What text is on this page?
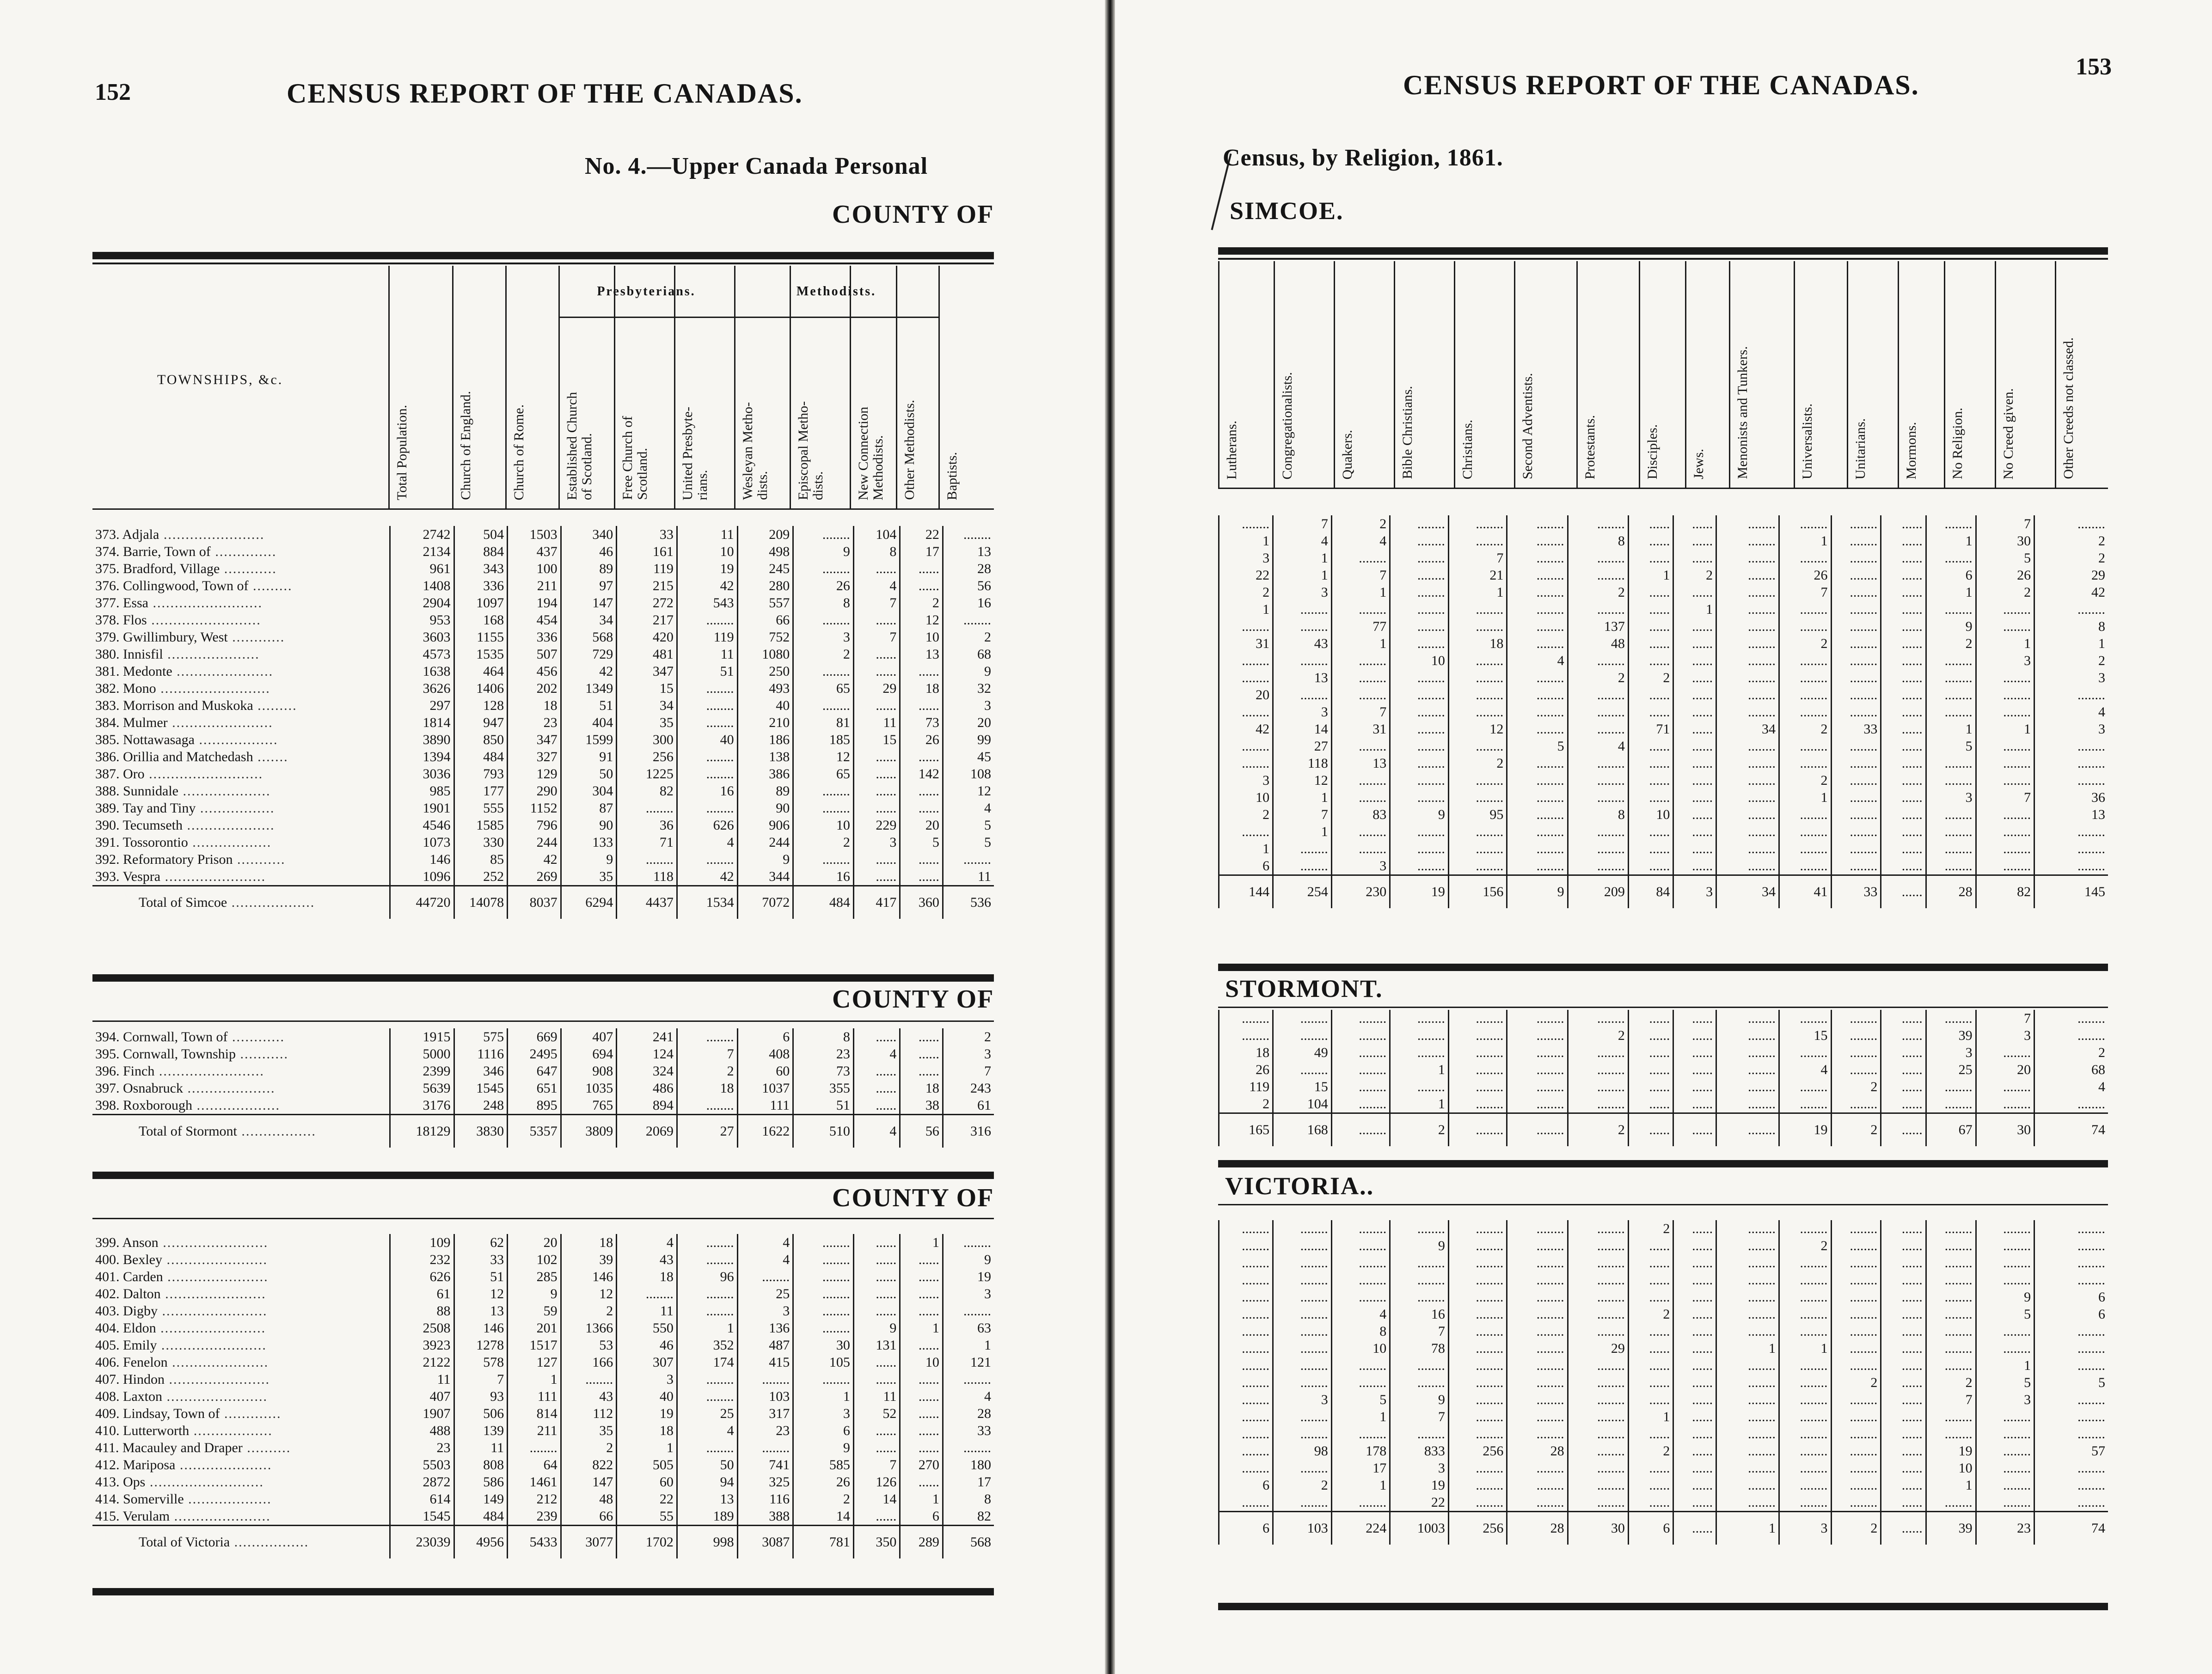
152	CENSUS REPORT OF THE CANADAS.
No. 4.—Upper Canada Personal
COUNTY OF
TOWNSHIPS, &c.
Total Population.	Church of England.	Church of Rome.	Established Church
of Scotland.
Free Church of
Scotland.	United Presbyte-
rians.	Wesleyan Metho-
dists.	Episcopal Metho-
dists.	New Connection
Methodists.	Other Methodists.	Baptists.
Presbyterians.	Methodists.
373. Adjala .......................	2742	504	1503	340	33	11	209	........	104	22	........
374. Barrie, Town of ..............	2134	884	437	46	161	10	498	9	8	17	13
375. Bradford, Village ............	961	343	100	89	119	19	245	........	......	......	28
376. Collingwood, Town of .........	1408	336	211	97	215	42	280	26	4	......	56
377. Essa .........................	2904	1097	194	147	272	543	557	8	7	2	16
378. Flos .........................	953	168	454	34	217	........	66	........	......	12	........
379. Gwillimbury, West ............	3603	1155	336	568	420	119	752	3	7	10	2
380. Innisfil .....................	4573	1535	507	729	481	11	1080	2	......	13	68
381. Medonte ......................	1638	464	456	42	347	51	250	........	......	......	9
382. Mono .........................	3626	1406	202	1349	15	........	493	65	29	18	32
383. Morrison and Muskoka .........	297	128	18	51	34	........	40	........	......	......	3
384. Mulmer .......................	1814	947	23	404	35	........	210	81	11	73	20
385. Nottawasaga ..................	3890	850	347	1599	300	40	186	185	15	26	99
386. Orillia and Matchedash .......	1394	484	327	91	256	........	138	12	......	......	45
387. Oro ..........................	3036	793	129	50	1225	........	386	65	......	142	108
388. Sunnidale ....................	985	177	290	304	82	16	89	........	......	......	12
389. Tay and Tiny .................	1901	555	1152	87	........	........	90	........	......	......	4
390. Tecumseth ....................	4546	1585	796	90	36	626	906	10	229	20	5
391. Tossorontio ..................	1073	330	244	133	71	4	244	2	3	5	5
392. Reformatory Prison ...........	146	85	42	9	........	........	9	........	......	......	........
393. Vespra .......................	1096	252	269	35	118	42	344	16	......	......	11
Total of Simcoe ...................	44720	14078	8037	6294	4437	1534	7072	484	417	360	536
COUNTY OF
394. Cornwall, Town of ............	1915	575	669	407	241	........	6	8	......	......	2
395. Cornwall, Township ...........	5000	1116	2495	694	124	7	408	23	4	......	3
396. Finch ........................	2399	346	647	908	324	2	60	73	......	......	7
397. Osnabruck ....................	5639	1545	651	1035	486	18	1037	355	......	18	243
398. Roxborough ...................	3176	248	895	765	894	........	111	51	......	38	61
Total of Stormont .................	18129	3830	5357	3809	2069	27	1622	510	4	56	316
COUNTY OF
399. Anson ........................	109	62	20	18	4	........	4	........	......	1	........
400. Bexley .......................	232	33	102	39	43	........	4	........	......	......	9
401. Carden .......................	626	51	285	146	18	96	........	........	......	......	19
402. Dalton .......................	61	12	9	12	........	........	25	........	......	......	3
403. Digby ........................	88	13	59	2	11	........	3	........	......	......	........
404. Eldon ........................	2508	146	201	1366	550	1	136	........	9	1	63
405. Emily ........................	3923	1278	1517	53	46	352	487	30	131	......	1
406. Fenelon ......................	2122	578	127	166	307	174	415	105	......	10	121
407. Hindon .......................	11	7	1	........	3	........	........	........	......	......	........
408. Laxton .......................	407	93	111	43	40	........	103	1	11	......	4
409. Lindsay, Town of .............	1907	506	814	112	19	25	317	3	52	......	28
410. Lutterworth ..................	488	139	211	35	18	4	23	6	......	......	33
411. Macauley and Draper ..........	23	11	........	2	1	........	........	9	......	......	........
412. Mariposa .....................	5503	808	64	822	505	50	741	585	7	270	180
413. Ops ..........................	2872	586	1461	147	60	94	325	26	126	......	17
414. Somerville ...................	614	149	212	48	22	13	116	2	14	1	8
415. Verulam ......................	1545	484	239	66	55	189	388	14	......	6	82
Total of Victoria .................	23039	4956	5433	3077	1702	998	3087	781	350	289	568
CENSUS REPORT OF THE CANADAS.
153
Census, by Religion, 1861.
SIMCOE.
Lutherans.	Congregationalists.	Quakers.	Bible Christians.	Christians.	Second Adventists.	Protestants.	Disciples.	Jews.	Menonists and Tunkers.	Universalists.	Unitarians.	Mormons.	No Religion.	No Creed given.	Other Creeds not classed.
........	7	2	........	........	........	........	......	......	........	........	........	......	........	7	........
1	4	4	........	........	........	8	......	......	........	1	........	......	1	30	2
3	1	........	........	7	........	........	......	......	........	........	........	......	........	5	2
22	1	7	........	21	........	........	1	2	........	26	........	......	6	26	29
2	3	1	........	1	........	2	......	......	........	7	........	......	1	2	42
1	........	........	........	........	........	........	......	1	........	........	........	......	........	........	........
........	........	77	........	........	........	137	......	......	........	........	........	......	9	........	8
31	43	1	........	18	........	48	......	......	........	2	........	......	2	1	1
........	........	........	10	........	4	........	......	......	........	........	........	......	........	3	2
........	13	........	........	........	........	2	2	......	........	........	........	......	........	........	3
20	........	........	........	........	........	........	......	......	........	........	........	......	........	........	........
........	3	7	........	........	........	........	......	......	........	........	........	......	........	........	4
42	14	31	........	12	........	........	71	......	34	2	33	......	1	1	3
........	27	........	........	........	5	4	......	......	........	........	........	......	5	........	........
........	118	13	........	2	........	........	......	......	........	........	........	......	........	........	........
3	12	........	........	........	........	........	......	......	........	2	........	......	........	........	........
10	1	........	........	........	........	........	......	......	........	1	........	......	3	7	36
2	7	83	9	95	........	8	10	......	........	........	........	......	........	........	13
........	1	........	........	........	........	........	......	......	........	........	........	......	........	........	........
1	........	........	........	........	........	........	......	......	........	........	........	......	........	........	........
6	........	3	........	........	........	........	......	......	........	........	........	......	........	........	........
144	254	230	19	156	9	209	84	3	34	41	33	......	28	82	145
STORMONT.
........	........	........	........	........	........	........	......	......	........	........	........	......	........	7	........
........	........	........	........	........	........	2	......	......	........	15	........	......	39	3	........
18	49	........	........	........	........	........	......	......	........	........	........	......	3	........	2
26	........	........	1	........	........	........	......	......	........	4	........	......	25	20	68
119	15	........	........	........	........	........	......	......	........	........	2	......	........	........	4
2	104	........	1	........	........	........	......	......	........	........	........	......	........	........	........
165	168	........	2	........	........	2	......	......	........	19	2	......	67	30	74
VICTORIA..
........	........	........	........	........	........	........	2	......	........	........	........	......	........	........	........
........	........	........	9	........	........	........	......	......	........	2	........	......	........	........	........
........	........	........	........	........	........	........	......	......	........	........	........	......	........	........	........
........	........	........	........	........	........	........	......	......	........	........	........	......	........	........	........
........	........	........	........	........	........	........	......	......	........	........	........	......	........	9	6
........	........	4	16	........	........	........	2	......	........	........	........	......	........	5	6
........	........	8	7	........	........	........	......	......	........	........	........	......	........	........	........
........	........	10	78	........	........	29	......	......	1	1	........	......	........	........	........
........	........	........	........	........	........	........	......	......	........	........	........	......	........	1	........
........	........	........	........	........	........	........	......	......	........	........	2	......	2	5	5
........	3	5	9	........	........	........	......	......	........	........	........	......	7	3	........
........	........	1	7	........	........	........	1	......	........	........	........	......	........	........	........
........	........	........	........	........	........	........	......	......	........	........	........	......	........	........	........
........	98	178	833	256	28	........	2	......	........	........	........	......	19	........	57
........	........	17	3	........	........	........	......	......	........	........	........	......	10	........	........
6	2	1	19	........	........	........	......	......	........	........	........	......	1	........	........
........	........	........	22	........	........	........	......	......	........	........	........	......	........	........	........
6	103	224	1003	256	28	30	6	......	1	3	2	......	39	23	74
